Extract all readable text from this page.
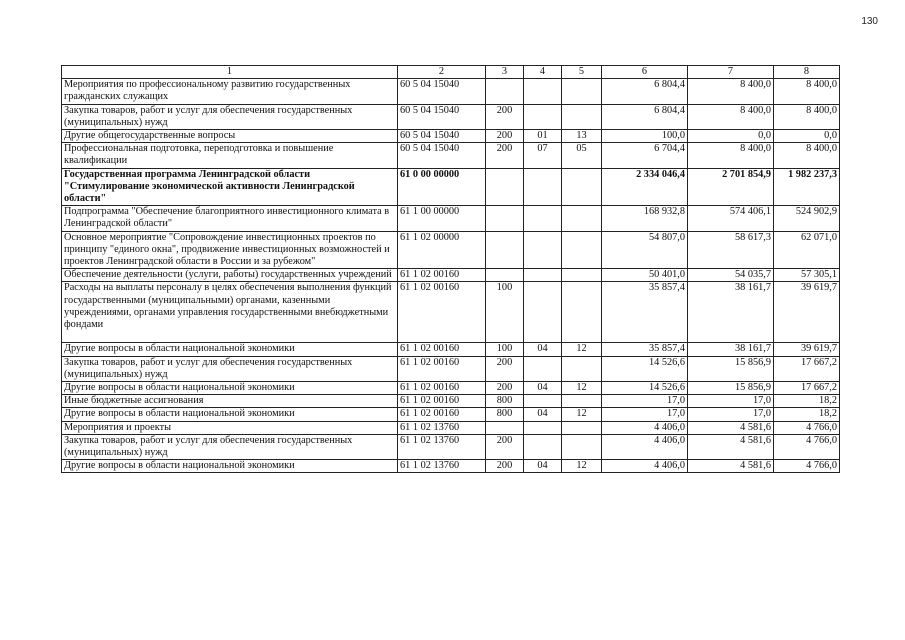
130
1	2	3	4	5	6	7	8
Мероприятия по профессиональному развитию государственных гражданских служащих	60 5 04 15040				6 804,4	8 400,0	8 400,0
Закупка товаров, работ и услуг для обеспечения государственных (муниципальных) нужд	60 5 04 15040	200			6 804,4	8 400,0	8 400,0
Другие общегосударственные вопросы	60 5 04 15040	200	01	13	100,0	0,0	0,0
Профессиональная подготовка, переподготовка и повышение квалификации	60 5 04 15040	200	07	05	6 704,4	8 400,0	8 400,0
Государственная программа Ленинградской области "Стимулирование экономической активности Ленинградской области"	61 0 00 00000				2 334 046,4	2 701 854,9	1 982 237,3
Подпрограмма "Обеспечение благоприятного инвестиционного климата в Ленинградской области"	61 1 00 00000				168 932,8	574 406,1	524 902,9
Основное мероприятие "Сопровождение инвестиционных проектов по принципу "единого окна", продвижение инвестиционных возможностей и проектов Ленинградской области в России и за рубежом"	61 1 02 00000				54 807,0	58 617,3	62 071,0
Обеспечение деятельности (услуги, работы) государственных учреждений	61 1 02 00160				50 401,0	54 035,7	57 305,1
Расходы на выплаты персоналу в целях обеспечения выполнения функций государственными (муниципальными) органами, казенными учреждениями, органами управления государственными внебюджетными фондами	61 1 02 00160	100			35 857,4	38 161,7	39 619,7
Другие вопросы в области национальной экономики	61 1 02 00160	100	04	12	35 857,4	38 161,7	39 619,7
Закупка товаров, работ и услуг для обеспечения государственных (муниципальных) нужд	61 1 02 00160	200			14 526,6	15 856,9	17 667,2
Другие вопросы в области национальной экономики	61 1 02 00160	200	04	12	14 526,6	15 856,9	17 667,2
Иные бюджетные ассигнования	61 1 02 00160	800			17,0	17,0	18,2
Другие вопросы в области национальной экономики	61 1 02 00160	800	04	12	17,0	17,0	18,2
Мероприятия и проекты	61 1 02 13760				4 406,0	4 581,6	4 766,0
Закупка товаров, работ и услуг для обеспечения государственных (муниципальных) нужд	61 1 02 13760	200			4 406,0	4 581,6	4 766,0
Другие вопросы в области национальной экономики	61 1 02 13760	200	04	12	4 406,0	4 581,6	4 766,0
